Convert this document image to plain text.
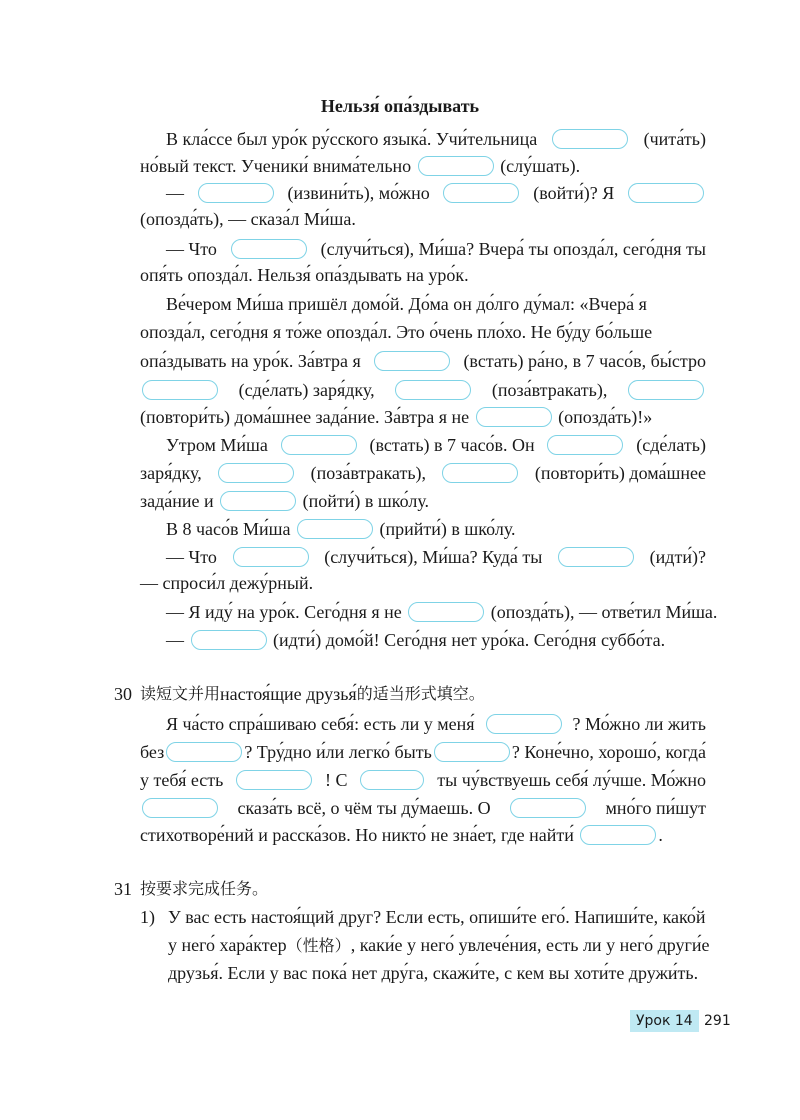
Нельзя́ опа́здывать
В кла́ссе был уро́к ру́сского языка́. Учи́тельница	(чита́ть)
но́вый текст. Ученики́ внима́тельно	(слу́шать).
—	(извини́ть), мо́жно	(войти́)? Я
(опозда́ть), — сказа́л Ми́ша.
— Что	(случи́ться), Ми́ша? Вчера́ ты опозда́л, сего́дня ты
опя́ть опозда́л. Нельзя́ опа́здывать на уро́к.
Ве́чером Ми́ша пришёл домо́й. До́ма он до́лго ду́мал: «Вчера́ я
опозда́л, сего́дня я то́же опозда́л. Это о́чень пло́хо. Не бу́ду бо́льше
опа́здывать на уро́к. За́втра я	(встать) ра́но, в 7 часо́в, бы́стро
(сде́лать) заря́дку,	(поза́втракать),
(повтори́ть) дома́шнее зада́ние. За́втра я не	(опозда́ть)!»
Утром Ми́ша	(встать) в 7 часо́в. Он	(сде́лать)
заря́дку,	(поза́втракать),	(повтори́ть) дома́шнее
зада́ние и	(пойти́) в шко́лу.
В 8 часо́в Ми́ша	(прийти́) в шко́лу.
— Что	(случи́ться), Ми́ша? Куда́ ты	(идти́)?
— спроси́л дежу́рный.
— Я иду́ на уро́к. Сего́дня я не	(опозда́ть), — отве́тил Ми́ша.
—	(идти́) домо́й! Сего́дня нет уро́ка. Сего́дня суббо́та.
Я ча́сто спра́шиваю себя́: есть ли у меня́	? Мо́жно ли жить
без	? Тру́дно и́ли легко́ быть	? Коне́чно, хорошо́, когда́
у тебя́ есть	! С	ты чу́вствуешь себя́ лу́чше. Мо́жно
сказа́ть всё, о чём ты ду́маешь. О	мно́го пи́шут
стихотворе́ний и расска́зов. Но никто́ не зна́ет, где найти́	.
30 读短文并用 настоя́щие друзья́ 的适当形式填空。
31 按要求完成任务。
1) У вас есть настоя́щий друг? Если есть, опиши́те его́. Напиши́те, како́й
у него́ хара́ктер（性格）, каки́е у него́ увлече́ния, есть ли у него́ други́е
друзья́. Если у вас пока́ нет дру́га, скажи́те, с кем вы хоти́те дружи́ть.
Урок 14 291
